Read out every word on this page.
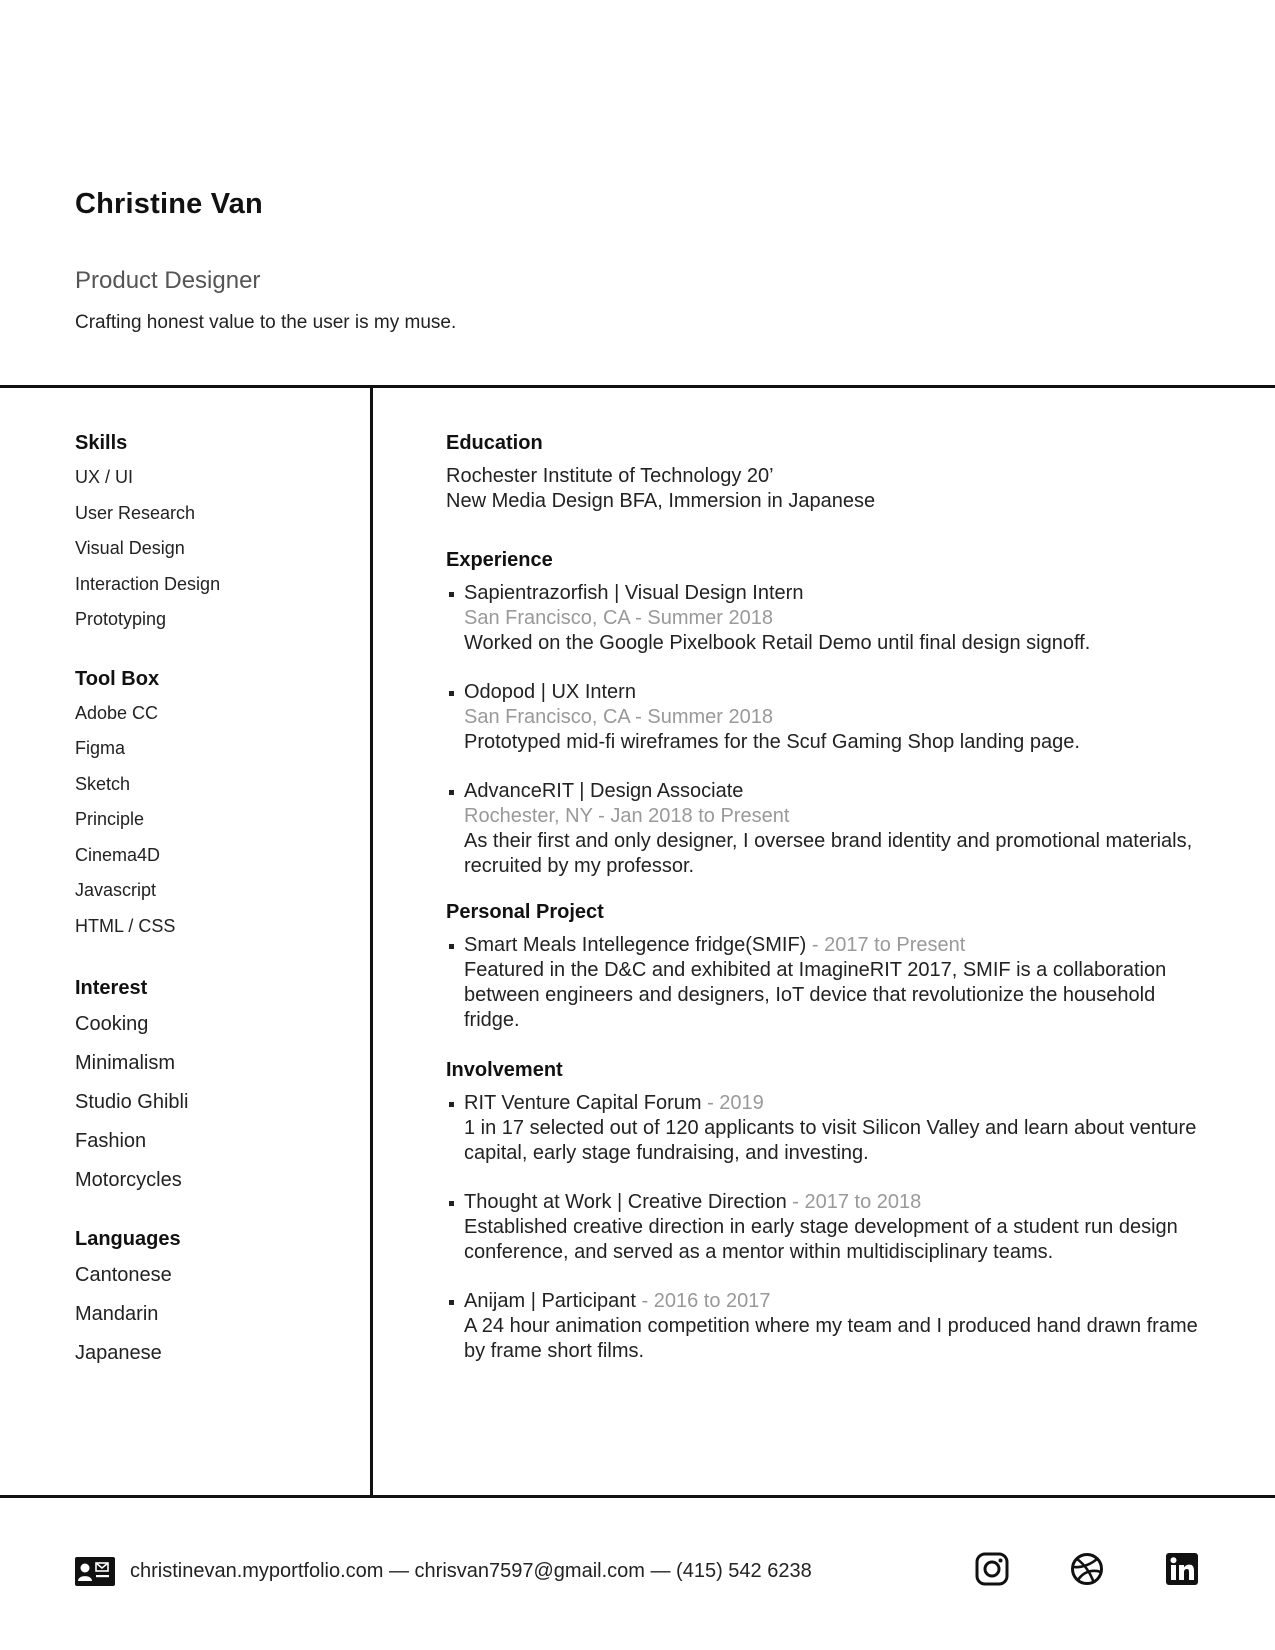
Christine Van

Product Designer

Crafting honest value to the user is my muse.

Skills
UX / UI
User Research
Visual Design
Interaction Design
Prototyping
Tool Box
Adobe CC
Figma
Sketch
Principle
Cinema4D
Javascript
HTML / CSS
Interest
Cooking
Minimalism
Studio Ghibli
Fashion
Motorcycles
Languages
Cantonese
Mandarin
Japanese
Education
Rochester Institute of Technology 20’
New Media Design BFA, Immersion in Japanese
Experience
Sapientrazorfish | Visual Design Intern
San Francisco, CA - Summer 2018
Worked on the Google Pixelbook Retail Demo until final design signoff.
Odopod | UX Intern
San Francisco, CA - Summer 2018
Prototyped mid-fi wireframes for the Scuf Gaming Shop landing page.
AdvanceRIT | Design Associate
Rochester, NY - Jan 2018 to Present
As their first and only designer, I oversee brand identity and promotional materials, recruited by my professor.
Personal Project
Smart Meals Intellegence fridge(SMIF) - 2017 to Present
Featured in the D&C and exhibited at ImagineRIT 2017, SMIF is a collaboration between engineers and designers, IoT device that revolutionize the household fridge.
Involvement
RIT Venture Capital Forum - 2019
1 in 17 selected out of 120 applicants to visit Silicon Valley and learn about venture capital, early stage fundraising, and investing.
Thought at Work | Creative Direction - 2017 to 2018
Established creative direction in early stage development of a student run design conference, and served as a mentor within multidisciplinary teams.
Anijam | Participant - 2016 to 2017
A 24 hour animation competition where my team and I produced hand drawn frame by frame short films.
christinevan.myportfolio.com — chrisvan7597@gmail.com — (415) 542 6238
